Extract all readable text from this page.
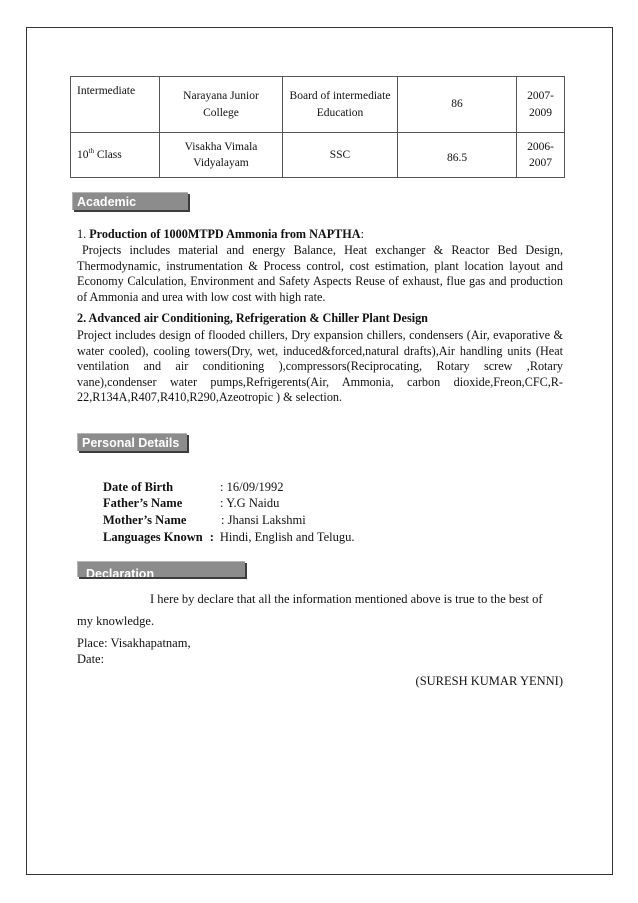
Intermediate	Narayana Junior College	Board of intermediate Education	86	2007-2009
10th Class	Visakha Vimala Vidyalayam	SSC	86.5	2006-2007
Academic
1. Production of 1000MTPD Ammonia from NAPTHA:
Projects includes material and energy Balance, Heat exchanger & Reactor Bed Design, Thermodynamic, instrumentation & Process control, cost estimation, plant location layout and Economy Calculation, Environment and Safety Aspects Reuse of exhaust, flue gas and production of Ammonia and urea with low cost with high rate.
2. Advanced air Conditioning, Refrigeration & Chiller Plant Design
Project includes design of flooded chillers, Dry expansion chillers, condensers (Air, evaporative & water cooled), cooling towers(Dry, wet, induced&forced,natural drafts),Air handling units (Heat ventilation and air conditioning ),compressors(Reciprocating, Rotary screw ,Rotary vane),condenser water pumps,Refrigerents(Air, Ammonia, carbon dioxide,Freon,CFC,R-22,R134A,R407,R410,R290,Azeotropic ) & selection.
Personal Details
Date of Birth	: 16/09/1992
Father’s Name	: Y.G Naidu
Mother’s Name	: Jhansi Lakshmi
Languages Known : Hindi, English and Telugu.
Declaration
I here by declare that all the information mentioned above is true to the best of
my knowledge.
Place: Visakhapatnam,
Date:
(SURESH KUMAR YENNI)
